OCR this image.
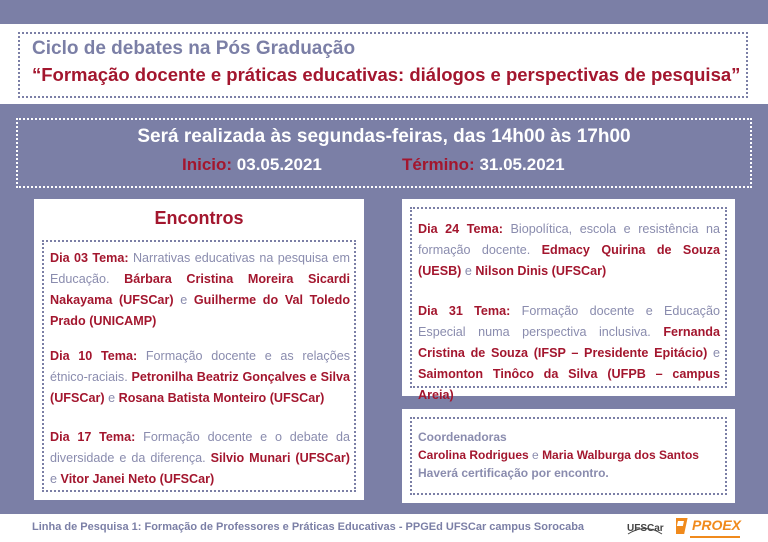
Ciclo de debates na Pós Graduação
“Formação docente e práticas educativas: diálogos e perspectivas de pesquisa”
Será realizada às segundas-feiras, das 14h00 às 17h00
Inicio: 03.05.2021	Término: 31.05.2021
Encontros
Dia 03 Tema: Narrativas educativas na pesquisa em Educação. Bárbara Cristina Moreira Sicardi Nakayama (UFSCar) e Guilherme do Val Toledo Prado (UNICAMP)
Dia 10 Tema: Formação docente e as relações étnico-raciais. Petronilha Beatriz Gonçalves e Silva (UFSCar) e Rosana Batista Monteiro (UFSCar)
Dia 17 Tema: Formação docente e o debate da diversidade e da diferença. Silvio Munari (UFSCar) e Vitor Janei Neto (UFSCar)
Dia 24 Tema: Biopolítica, escola e resistência na formação docente. Edmacy Quirina de Souza (UESB) e Nilson Dinis (UFSCar)
Dia 31 Tema: Formação docente e Educação Especial numa perspectiva inclusiva. Fernanda Cristina de Souza (IFSP – Presidente Epitácio) e Saimonton Tinôco da Silva (UFPB – campus Areia)
Coordenadoras
Carolina Rodrigues e Maria Walburga dos Santos
Haverá certificação por encontro.
Linha de Pesquisa 1: Formação de Professores e Práticas Educativas - PPGEd UFSCar campus Sorocaba	UFSCar PROEX
